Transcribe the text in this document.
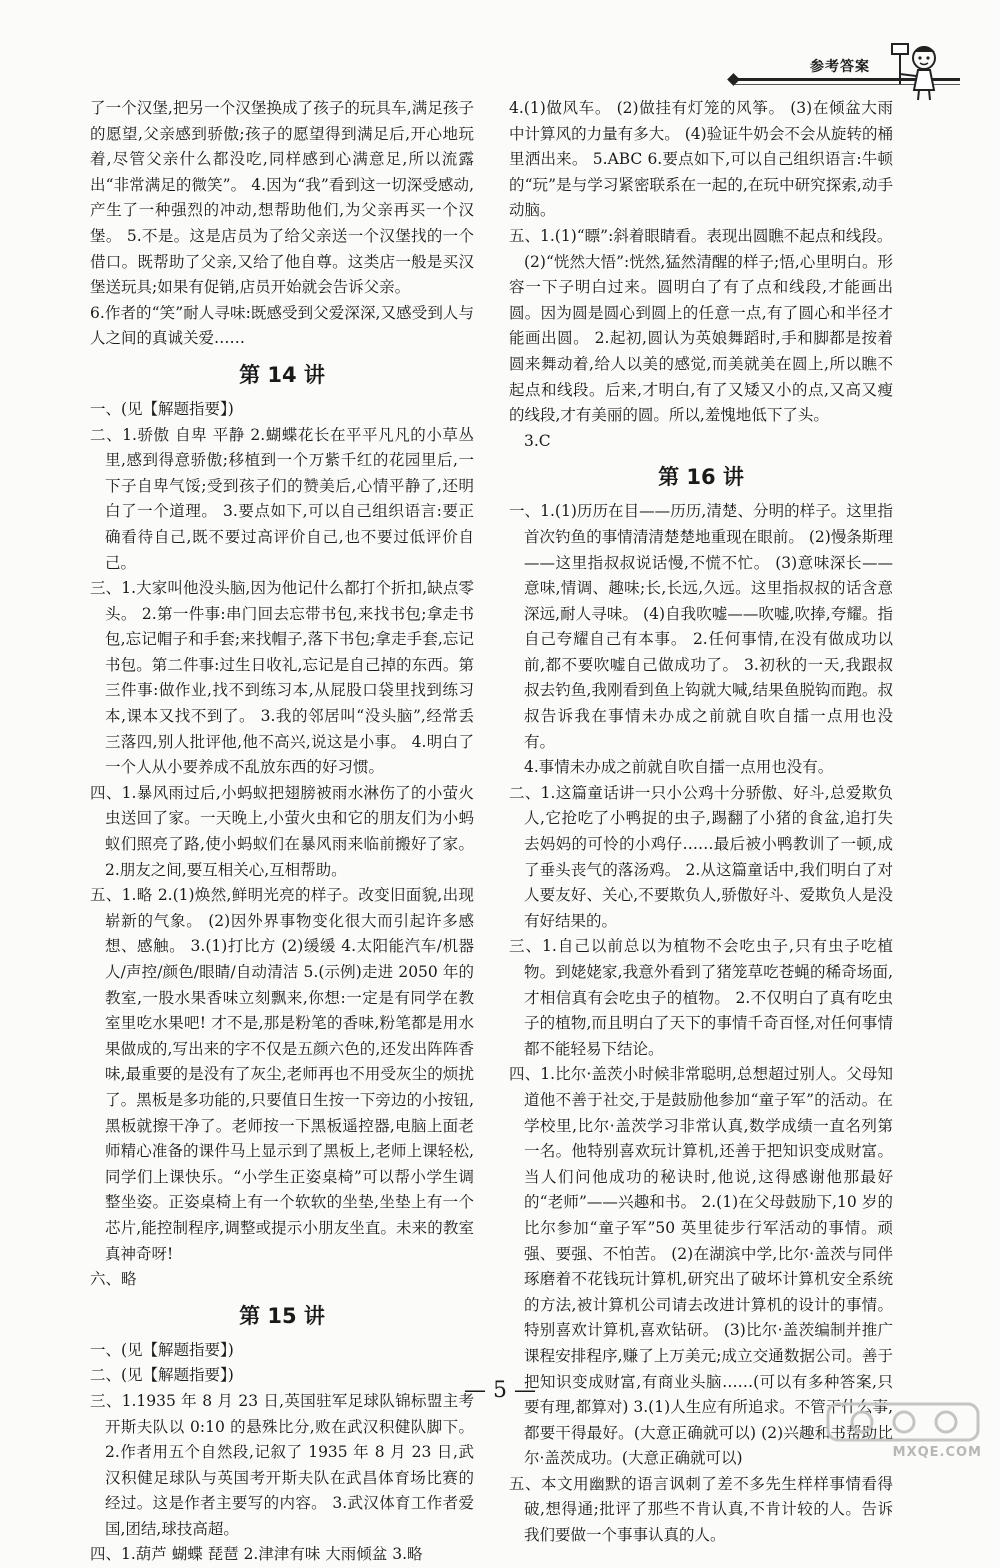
参考答案

了一个汉堡,把另一个汉堡换成了孩子的玩具车,满足孩子的愿望,父亲感到骄傲;孩子的愿望得到满足后,开心地玩着,尽管父亲什么都没吃,同样感到心满意足,所以流露出“非常满足的微笑”。 4.因为“我”看到这一切深受感动,产生了一种强烈的冲动,想帮助他们,为父亲再买一个汉堡。 5.不是。这是店员为了给父亲送一个汉堡找的一个借口。既帮助了父亲,又给了他自尊。这类店一般是买汉堡送玩具;如果有促销,店员开始就会告诉父亲。

6.作者的“笑”耐人寻味:既感受到父爱深深,又感受到人与人之间的真诚关爱……

第 14 讲

一、(见【解题指要】)

二、1.骄傲 自卑 平静 2.蝴蝶花长在平平凡凡的小草丛里,感到得意骄傲;移植到一个万紫千红的花园里后,一下子自卑气馁;受到孩子们的赞美后,心情平静了,还明白了一个道理。 3.要点如下,可以自己组织语言:要正确看待自己,既不要过高评价自己,也不要过低评价自己。

三、1.大家叫他没头脑,因为他记什么都打个折扣,缺点零头。 2.第一件事:串门回去忘带书包,来找书包;拿走书包,忘记帽子和手套;来找帽子,落下书包;拿走手套,忘记书包。第二件事:过生日收礼,忘记是自己掉的东西。第三件事:做作业,找不到练习本,从屁股口袋里找到练习本,课本又找不到了。 3.我的邻居叫“没头脑”,经常丢三落四,别人批评他,他不高兴,说这是小事。 4.明白了一个人从小要养成不乱放东西的好习惯。

四、1.暴风雨过后,小蚂蚁把翅膀被雨水淋伤了的小萤火虫送回了家。一天晚上,小萤火虫和它的朋友们为小蚂蚁们照亮了路,使小蚂蚁们在暴风雨来临前搬好了家。 2.朋友之间,要互相关心,互相帮助。

五、1.略 2.(1)焕然,鲜明光亮的样子。改变旧面貌,出现崭新的气象。 (2)因外界事物变化很大而引起许多感想、感触。 3.(1)打比方 (2)缓缓 4.太阳能汽车/机器人/声控/颜色/眼睛/自动清洁 5.(示例)走进 2050 年的教室,一股水果香味立刻飘来,你想:一定是有同学在教室里吃水果吧! 才不是,那是粉笔的香味,粉笔都是用水果做成的,写出来的字不仅是五颜六色的,还发出阵阵香味,最重要的是没有了灰尘,老师再也不用受灰尘的烦扰了。黑板是多功能的,只要值日生按一下旁边的小按钮,黑板就擦干净了。老师按一下黑板遥控器,电脑上面老师精心准备的课件马上显示到了黑板上,老师上课轻松,同学们上课快乐。“小学生正姿桌椅”可以帮小学生调整坐姿。正姿桌椅上有一个软软的坐垫,坐垫上有一个芯片,能控制程序,调整或提示小朋友坐直。未来的教室真神奇呀!

六、略

第 15 讲

一、(见【解题指要】)

二、(见【解题指要】)

三、1.1935 年 8 月 23 日,英国驻军足球队锦标盟主考开斯夫队以 0:10 的悬殊比分,败在武汉积健队脚下。 2.作者用五个自然段,记叙了 1935 年 8 月 23 日,武汉积健足球队与英国考开斯夫队在武昌体育场比赛的经过。这是作者主要写的内容。 3.武汉体育工作者爱国,团结,球技高超。

四、1.葫芦 蝴蝶 琵琶 2.津津有味 大雨倾盆 3.略

4.(1)做风车。 (2)做挂有灯笼的风筝。 (3)在倾盆大雨中计算风的力量有多大。 (4)验证牛奶会不会从旋转的桶里洒出来。 5.ABC 6.要点如下,可以自己组织语言:牛顿的“玩”是与学习紧密联系在一起的,在玩中研究探索,动手动脑。

五、1.(1)“瞟”:斜着眼睛看。表现出圆瞧不起点和线段。

(2)“恍然大悟”:恍然,猛然清醒的样子;悟,心里明白。形容一下子明白过来。圆明白了有了点和线段,才能画出圆。因为圆是圆心到圆上的任意一点,有了圆心和半径才能画出圆。 2.起初,圆认为英娘舞蹈时,手和脚都是按着圆来舞动着,给人以美的感觉,而美就美在圆上,所以瞧不起点和线段。后来,才明白,有了又矮又小的点,又高又瘦的线段,才有美丽的圆。所以,羞愧地低下了头。

3.C

第 16 讲

一、1.(1)历历在目——历历,清楚、分明的样子。这里指首次钓鱼的事情清清楚楚地重现在眼前。 (2)慢条斯理——这里指叔叔说话慢,不慌不忙。 (3)意味深长——意味,情调、趣味;长,长远,久远。这里指叔叔的话含意深远,耐人寻味。 (4)自我吹嘘——吹嘘,吹捧,夸耀。指自己夸耀自己有本事。 2.任何事情,在没有做成功以前,都不要吹嘘自己做成功了。 3.初秋的一天,我跟叔叔去钓鱼,我刚看到鱼上钩就大喊,结果鱼脱钩而跑。叔叔告诉我在事情未办成之前就自吹自擂一点用也没有。

4.事情未办成之前就自吹自擂一点用也没有。

二、1.这篇童话讲一只小公鸡十分骄傲、好斗,总爱欺负人,它抢吃了小鸭捉的虫子,踢翻了小猪的食盆,追打失去妈妈的可怜的小鸡仔……最后被小鸭教训了一顿,成了垂头丧气的落汤鸡。 2.从这篇童话中,我们明白了对人要友好、关心,不要欺负人,骄傲好斗、爱欺负人是没有好结果的。

三、1.自己以前总以为植物不会吃虫子,只有虫子吃植物。到姥姥家,我意外看到了猪笼草吃苍蝇的稀奇场面,才相信真有会吃虫子的植物。 2.不仅明白了真有吃虫子的植物,而且明白了天下的事情千奇百怪,对任何事情都不能轻易下结论。

四、1.比尔·盖茨小时候非常聪明,总想超过别人。父母知道他不善于社交,于是鼓励他参加“童子军”的活动。在学校里,比尔·盖茨学习非常认真,数学成绩一直名列第一名。他特别喜欢玩计算机,还善于把知识变成财富。当人们问他成功的秘诀时,他说,这得感谢他那最好的“老师”——兴趣和书。 2.(1)在父母鼓励下,10 岁的比尔参加“童子军”50 英里徒步行军活动的事情。顽强、要强、不怕苦。 (2)在湖滨中学,比尔·盖茨与同伴琢磨着不花钱玩计算机,研究出了破坏计算机安全系统的方法,被计算机公司请去改进计算机的设计的事情。特别喜欢计算机,喜欢钻研。 (3)比尔·盖茨编制并推广课程安排程序,赚了上万美元;成立交通数据公司。善于把知识变成财富,有商业头脑……(可以有多种答案,只要有理,都算对) 3.(1)人生应有所追求。不管干什么事,都要干得最好。(大意正确就可以) (2)兴趣和书帮助比尔·盖茨成功。(大意正确就可以)

五、本文用幽默的语言讽刺了差不多先生样样事情看得破,想得通;批评了那些不肯认真,不肯计较的人。告诉我们要做一个事事认真的人。

— 5 —
MXQE.COM
